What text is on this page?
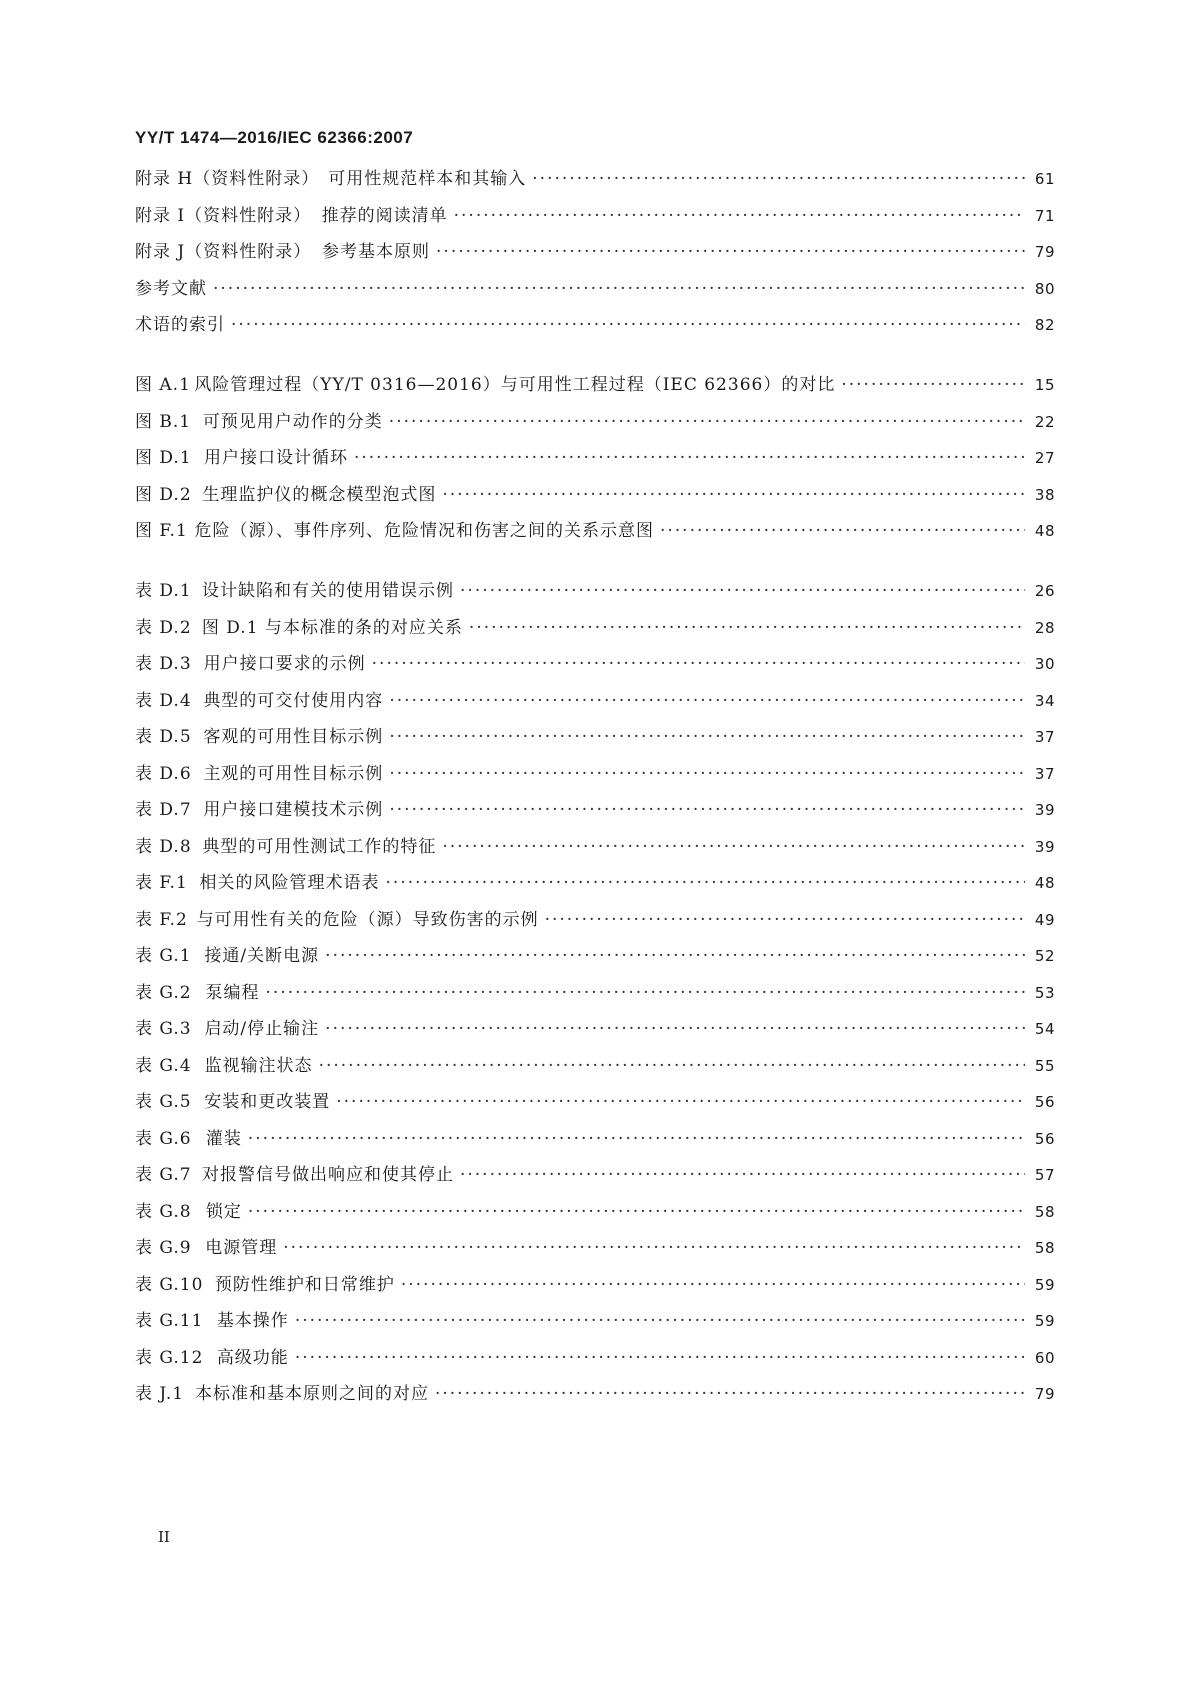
YY/T 1474—2016/IEC 62366:2007
附录 H（资料性附录） 可用性规范样本和其输入 ·····	61
附录 I（资料性附录） 推荐的阅读清单 ·····	71
附录 J（资料性附录） 参考基本原则 ·····	79
参考文献 ·····	80
术语的索引 ·····	82
图 A.1 风险管理过程（YY/T 0316—2016）与可用性工程过程（IEC 62366）的对比 ·····	15
图 B.1 可预见用户动作的分类 ·····	22
图 D.1 用户接口设计循环 ·····	27
图 D.2 生理监护仪的概念模型泡式图 ·····	38
图 F.1 危险（源）、事件序列、危险情况和伤害之间的关系示意图 ·····	48
表 D.1 设计缺陷和有关的使用错误示例 ·····	26
表 D.2 图 D.1 与本标准的条的对应关系 ·····	28
表 D.3 用户接口要求的示例 ·····	30
表 D.4 典型的可交付使用内容 ·····	34
表 D.5 客观的可用性目标示例 ·····	37
表 D.6 主观的可用性目标示例 ·····	37
表 D.7 用户接口建模技术示例 ·····	39
表 D.8 典型的可用性测试工作的特征 ·····	39
表 F.1 相关的风险管理术语表 ·····	48
表 F.2 与可用性有关的危险（源）导致伤害的示例 ·····	49
表 G.1 接通/关断电源 ·····	52
表 G.2 泵编程 ·····	53
表 G.3 启动/停止输注 ·····	54
表 G.4 监视输注状态 ·····	55
表 G.5 安装和更改装置 ·····	56
表 G.6 灌装 ·····	56
表 G.7 对报警信号做出响应和使其停止 ·····	57
表 G.8 锁定 ·····	58
表 G.9 电源管理 ·····	58
表 G.10 预防性维护和日常维护 ·····	59
表 G.11 基本操作 ·····	59
表 G.12 高级功能 ·····	60
表 J.1 本标准和基本原则之间的对应 ·····	79
II
